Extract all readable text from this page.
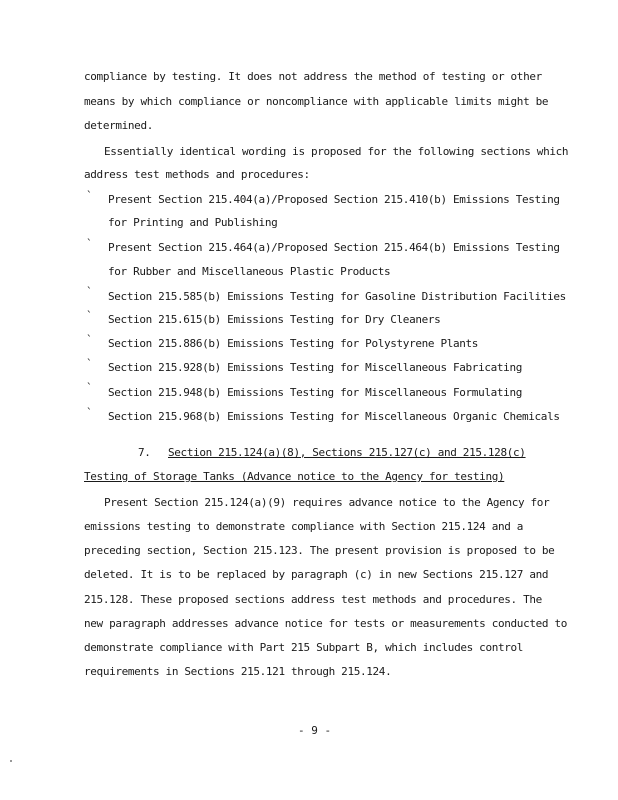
compliance by testing. It does not address the method of testing or other
means by which compliance or noncompliance with applicable limits might be
determined.
Essentially identical wording is proposed for the following sections which
address test methods and procedures:
` Present Section 215.404(a)/Proposed Section 215.410(b) Emissions Testing
for Printing and Publishing
` Present Section 215.464(a)/Proposed Section 215.464(b) Emissions Testing
for Rubber and Miscellaneous Plastic Products
` Section 215.585(b) Emissions Testing for Gasoline Distribution Facilities
` Section 215.615(b) Emissions Testing for Dry Cleaners
` Section 215.886(b) Emissions Testing for Polystyrene Plants
` Section 215.928(b) Emissions Testing for Miscellaneous Fabricating
` Section 215.948(b) Emissions Testing for Miscellaneous Formulating
` Section 215.968(b) Emissions Testing for Miscellaneous Organic Chemicals
7. Section 215.124(a)(8), Sections 215.127(c) and 215.128(c)
Testing of Storage Tanks (Advance notice to the Agency for testing)
Present Section 215.124(a)(9) requires advance notice to the Agency for
emissions testing to demonstrate compliance with Section 215.124 and a
preceding section, Section 215.123. The present provision is proposed to be
deleted. It is to be replaced by paragraph (c) in new Sections 215.127 and
215.128. These proposed sections address test methods and procedures. The
new paragraph addresses advance notice for tests or measurements conducted to
demonstrate compliance with Part 215 Subpart B, which includes control
requirements in Sections 215.121 through 215.124.
- 9 -
